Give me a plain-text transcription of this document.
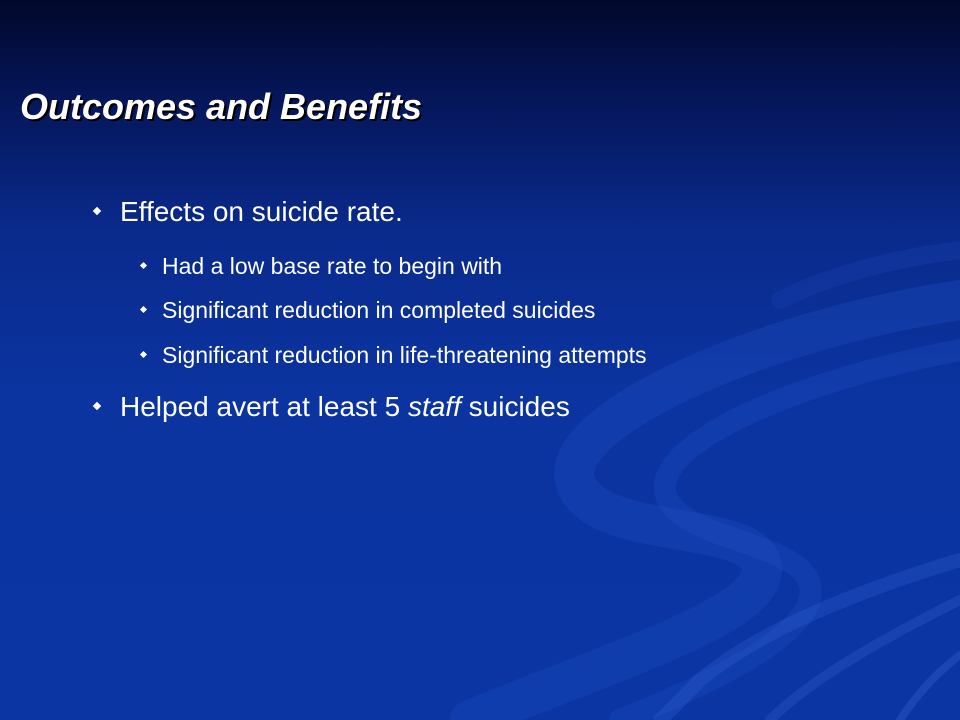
Outcomes and Benefits
Effects on suicide rate.
Had a low base rate to begin with
Significant reduction in completed suicides
Significant reduction in life-threatening attempts
Helped avert at least 5 staff suicides
